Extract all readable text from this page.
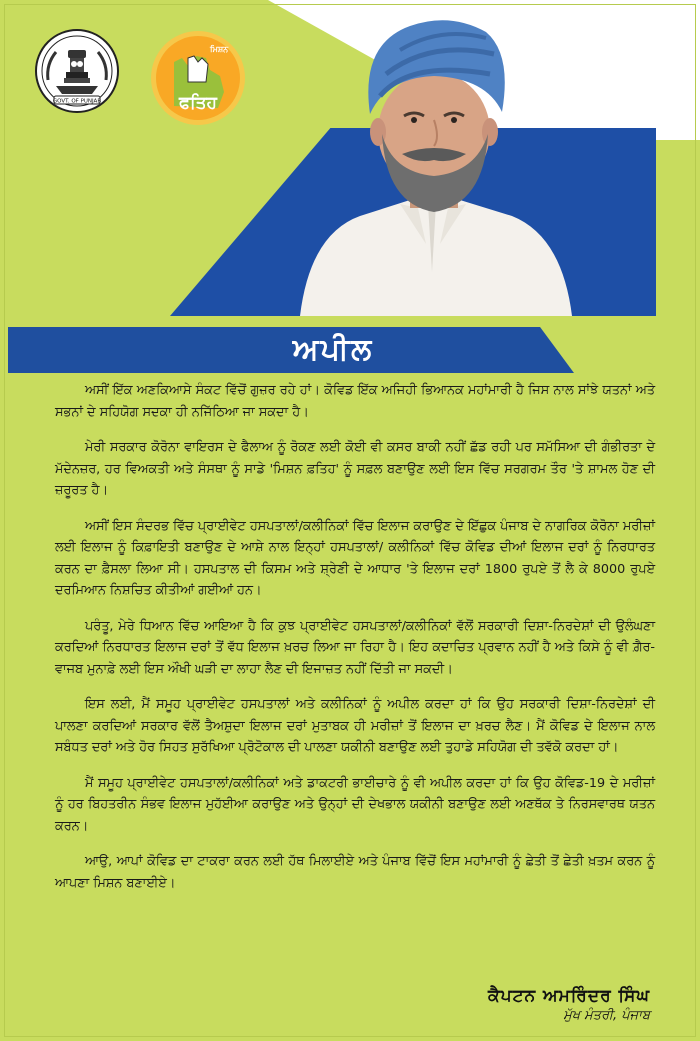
GOVT. OF PUNJAB
ਮਿਸ਼ਨ
ਫਤਿਹ
ਅਪੀਲ

ਅਸੀਂ ਇੱਕ ਅਣਕਿਆਸੇ ਸੰਕਟ ਵਿੱਚੋਂ ਗੁਜ਼ਰ ਰਹੇ ਹਾਂ। ਕੋਵਿਡ ਇੱਕ ਅਜਿਹੀ ਭਿਆਨਕ ਮਹਾਂਮਾਰੀ ਹੈ ਜਿਸ ਨਾਲ ਸਾਂਝੇ ਯਤਨਾਂ ਅਤੇ ਸਭਨਾਂ ਦੇ ਸਹਿਯੋਗ ਸਦਕਾ ਹੀ ਨਜਿੱਠਿਆ ਜਾ ਸਕਦਾ ਹੈ।

ਮੇਰੀ ਸਰਕਾਰ ਕੋਰੋਨਾ ਵਾਇਰਸ ਦੇ ਫੈਲਾਅ ਨੂੰ ਰੋਕਣ ਲਈ ਕੋਈ ਵੀ ਕਸਰ ਬਾਕੀ ਨਹੀਂ ਛੱਡ ਰਹੀ ਪਰ ਸਮੱਸਿਆ ਦੀ ਗੰਭੀਰਤਾ ਦੇ ਮੱਦੇਨਜ਼ਰ, ਹਰ ਵਿਅਕਤੀ ਅਤੇ ਸੰਸਥਾ ਨੂੰ ਸਾਡੇ 'ਮਿਸ਼ਨ ਫ਼ਤਿਹ' ਨੂੰ ਸਫ਼ਲ ਬਣਾਉਣ ਲਈ ਇਸ ਵਿੱਚ ਸਰਗਰਮ ਤੌਰ 'ਤੇ ਸ਼ਾਮਲ ਹੋਣ ਦੀ ਜ਼ਰੂਰਤ ਹੈ।

ਅਸੀਂ ਇਸ ਸੰਦਰਭ ਵਿੱਚ ਪ੍ਰਾਈਵੇਟ ਹਸਪਤਾਲਾਂ/ਕਲੀਨਿਕਾਂ ਵਿੱਚ ਇਲਾਜ ਕਰਾਉਣ ਦੇ ਇੱਛੁਕ ਪੰਜਾਬ ਦੇ ਨਾਗਰਿਕ ਕੋਰੋਨਾ ਮਰੀਜ਼ਾਂ ਲਈ ਇਲਾਜ ਨੂੰ ਕਿਫ਼ਾਇਤੀ ਬਣਾਉਣ ਦੇ ਆਸ਼ੇ ਨਾਲ ਇਨ੍ਹਾਂ ਹਸਪਤਾਲਾਂ/ ਕਲੀਨਿਕਾਂ ਵਿੱਚ ਕੋਵਿਡ ਦੀਆਂ ਇਲਾਜ ਦਰਾਂ ਨੂੰ ਨਿਰਧਾਰਤ ਕਰਨ ਦਾ ਫ਼ੈਸਲਾ ਲਿਆ ਸੀ। ਹਸਪਤਾਲ ਦੀ ਕਿਸਮ ਅਤੇ ਸ਼੍ਰੇਣੀ ਦੇ ਆਧਾਰ 'ਤੇ ਇਲਾਜ ਦਰਾਂ 1800 ਰੁਪਏ ਤੋਂ ਲੈ ਕੇ 8000 ਰੁਪਏ ਦਰਮਿਆਨ ਨਿਸ਼ਚਿਤ ਕੀਤੀਆਂ ਗਈਆਂ ਹਨ।

ਪਰੰਤੂ, ਮੇਰੇ ਧਿਆਨ ਵਿੱਚ ਆਇਆ ਹੈ ਕਿ ਕੁਝ ਪ੍ਰਾਈਵੇਟ ਹਸਪਤਾਲਾਂ/ਕਲੀਨਿਕਾਂ ਵੱਲੋਂ ਸਰਕਾਰੀ ਦਿਸ਼ਾ-ਨਿਰਦੇਸ਼ਾਂ ਦੀ ਉਲੰਘਣਾ ਕਰਦਿਆਂ ਨਿਰਧਾਰਤ ਇਲਾਜ ਦਰਾਂ ਤੋਂ ਵੱਧ ਇਲਾਜ ਖ਼ਰਚ ਲਿਆ ਜਾ ਰਿਹਾ ਹੈ। ਇਹ ਕਦਾਚਿਤ ਪ੍ਰਵਾਨ ਨਹੀਂ ਹੈ ਅਤੇ ਕਿਸੇ ਨੂੰ ਵੀ ਗ਼ੈਰ-ਵਾਜਬ ਮੁਨਾਫ਼ੇ ਲਈ ਇਸ ਔਖੀ ਘੜੀ ਦਾ ਲਾਹਾ ਲੈਣ ਦੀ ਇਜਾਜ਼ਤ ਨਹੀਂ ਦਿੱਤੀ ਜਾ ਸਕਦੀ।

ਇਸ ਲਈ, ਮੈਂ ਸਮੂਹ ਪ੍ਰਾਈਵੇਟ ਹਸਪਤਾਲਾਂ ਅਤੇ ਕਲੀਨਿਕਾਂ ਨੂੰ ਅਪੀਲ ਕਰਦਾ ਹਾਂ ਕਿ ਉਹ ਸਰਕਾਰੀ ਦਿਸ਼ਾ-ਨਿਰਦੇਸ਼ਾਂ ਦੀ ਪਾਲਣਾ ਕਰਦਿਆਂ ਸਰਕਾਰ ਵੱਲੋਂ ਤੈਅਸ਼ੁਦਾ ਇਲਾਜ ਦਰਾਂ ਮੁਤਾਬਕ ਹੀ ਮਰੀਜ਼ਾਂ ਤੋਂ ਇਲਾਜ ਦਾ ਖ਼ਰਚ ਲੈਣ। ਮੈਂ ਕੋਵਿਡ ਦੇ ਇਲਾਜ ਨਾਲ ਸਬੰਧਤ ਦਰਾਂ ਅਤੇ ਹੋਰ ਸਿਹਤ ਸੁਰੱਖਿਆ ਪ੍ਰੋਟੋਕਾਲ ਦੀ ਪਾਲਣਾ ਯਕੀਨੀ ਬਣਾਉਣ ਲਈ ਤੁਹਾਡੇ ਸਹਿਯੋਗ ਦੀ ਤਵੱਕੋ ਕਰਦਾ ਹਾਂ।

ਮੈਂ ਸਮੂਹ ਪ੍ਰਾਈਵੇਟ ਹਸਪਤਾਲਾਂ/ਕਲੀਨਿਕਾਂ ਅਤੇ ਡਾਕਟਰੀ ਭਾਈਚਾਰੇ ਨੂੰ ਵੀ ਅਪੀਲ ਕਰਦਾ ਹਾਂ ਕਿ ਉਹ ਕੋਵਿਡ-19 ਦੇ ਮਰੀਜ਼ਾਂ ਨੂੰ ਹਰ ਬਿਹਤਰੀਨ ਸੰਭਵ ਇਲਾਜ ਮੁਹੱਈਆ ਕਰਾਉਣ ਅਤੇ ਉਨ੍ਹਾਂ ਦੀ ਦੇਖਭਾਲ ਯਕੀਨੀ ਬਣਾਉਣ ਲਈ ਅਣਥੱਕ ਤੇ ਨਿਰਸਵਾਰਥ ਯਤਨ ਕਰਨ।

ਆਉ, ਆਪਾਂ ਕੋਵਿਡ ਦਾ ਟਾਕਰਾ ਕਰਨ ਲਈ ਹੱਥ ਮਿਲਾਈਏ ਅਤੇ ਪੰਜਾਬ ਵਿੱਚੋਂ ਇਸ ਮਹਾਂਮਾਰੀ ਨੂੰ ਛੇਤੀ ਤੋਂ ਛੇਤੀ ਖ਼ਤਮ ਕਰਨ ਨੂੰ ਆਪਣਾ ਮਿਸ਼ਨ ਬਣਾਈਏ।

ਕੈਪਟਨ ਅਮਰਿੰਦਰ ਸਿੰਘ
ਮੁੱਖ ਮੰਤਰੀ, ਪੰਜਾਬ
